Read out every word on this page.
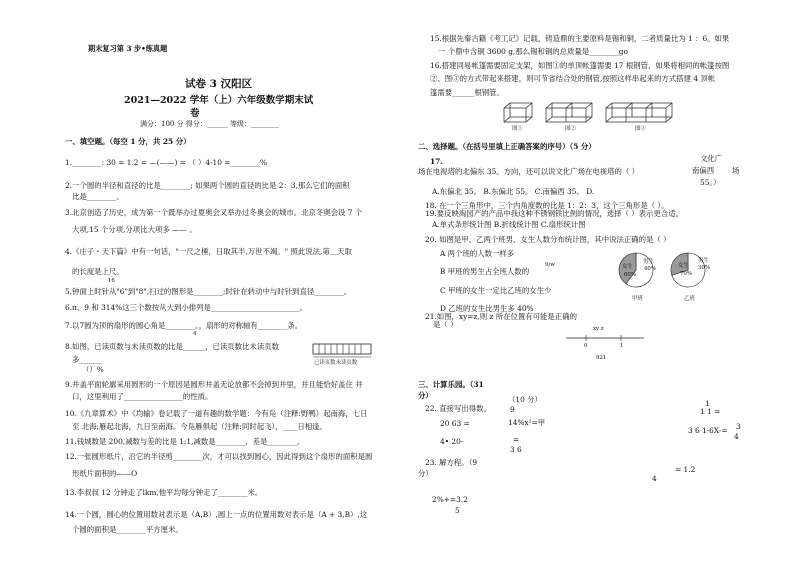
期末复习第 3 步•练真题
试卷 3 汉阳区
2021—2022 学年（上）六年级数学期末试
卷
满分：100 分 得分：______ 等级：________
一、填空题。（每空 1 分，共 25 分）
1.________: 30 = 1.2 = —(——) = （ ）4-10 =________%
2.一个圆的半径和直径的比是________; 如果两个圆的直径的比是 2：3,那么它们的面积
比是________。
3.北京创造了历史，成为第一个既举办过夏奥会又举办过冬奥会的城市。北京冬奥会设 7 个
大项,15 个分项,分项比大项多 —— 。
4.《庄子・天下篇》中有一句话，"一尺之棰，日取其半,万世不竭。" 照此说法,第＿天取
的长度是上尺。
16
5.钟面上时针从"6"到"8",扫过的图形是________;时针在转动中与时针到直径________。
6.π、9 和 314%这三个数按从大到小排列是________________________。
7.以7圆为顶的扇形的圆心角是________。，扇形的对称轴有________条。
4
8.如图，已读页数与未读页数的比是______，已读页数比未读页数
多______
（）%
已读页数未读页数
9.井盖平面轮廓采用圆形的一个原因是圆形井盖无论放都不会掉到井里，并且能恰好盖住 井
口，这里利用了________________的性质。
10.《九章算术》中《均输》卷记载了一道有趣的数学题：今有凫（注释:野鸭）起南海，七日
至 北海;雁起北海，九日至南海。今凫雁俱起（注释:同时起飞），____日相逢。
11.钱城数是 200,减数与差的比是 1:1,减数是________，差是________。
12.一张圆形纸片，沿它的半径剪________次，才可以找到圆心，因此得到这个扇形的面积是圆
形纸片面积的——O
13.李叔叔 12 分钟走了lkm,他平均每分钟走了________米。
14.一个圆，圆心的位置用数对表示是（A,B）,圆上一点的位置用数对表示是（A + 3,B）,这
个圆的面积是________平方厘米。
15.根据先秦古籍《考工记》记载，铸造鼎的主要原料是锡和铜，二者质量比为 1 ：6。如果
一 个鼎中含铜 3600 g,那么锡和铜的总质量是________go
16.搭建同易帐篷需要固定支架，如图①的单顶帐篷需要 17 根钢管，如果将相同的帐篷按图
②、图③的方式带起来搭建，则可节省结合处的钢管,按照这样串起来的方式搭建 4 顶帐
篷需要______根钢管。
图①	图②	图③
二、选择题。（在括号里填上正确答案的序号）（5 分）
17.	文化广
南偏西 场
55。）
场在电视塔的北偏东 35。方向，还可以说文化广场在电视塔的（ ）
A.东偏北 35。 B.东偏北 55。 C.南偏西 35。 D.
18. 在一个三角形中，三个内角度数的比是 1：2：3，这个三角形是（ ）。
19.要反映淘园产的产品中我这种不锈钢铁比例的情况，选择（ ）表示更合适。
A.单式条形统计图 B.折线统计图 C.扇形统计图
20. 如图是甲、乙两个班男、女生人数分布统计图，其中说法正确的是（ ）
A 两个班的人数一样多
B 甲班的男生占全班人数的
9/w
C 甲班的女生一定比乙班的女生少
D 乙班的女生比男生多 40%
女生
60%
男生
40%
甲班
女生
70%
男生
30%
乙班
21.如图，xy=z,则 z 所在位置有可能是正确的
是（ ）	xy z
0	1
921
三、计算乐园。（31
分）
22. 直接写出得数。
（10 分）
9
20 63 =	14%x²=甲
4• 20-	=
3 6
1
1 1 =
3 6·1·6X-= 3
4
23. 解方程。（9
分）
2%+=3.2
5
4
= 1.2
